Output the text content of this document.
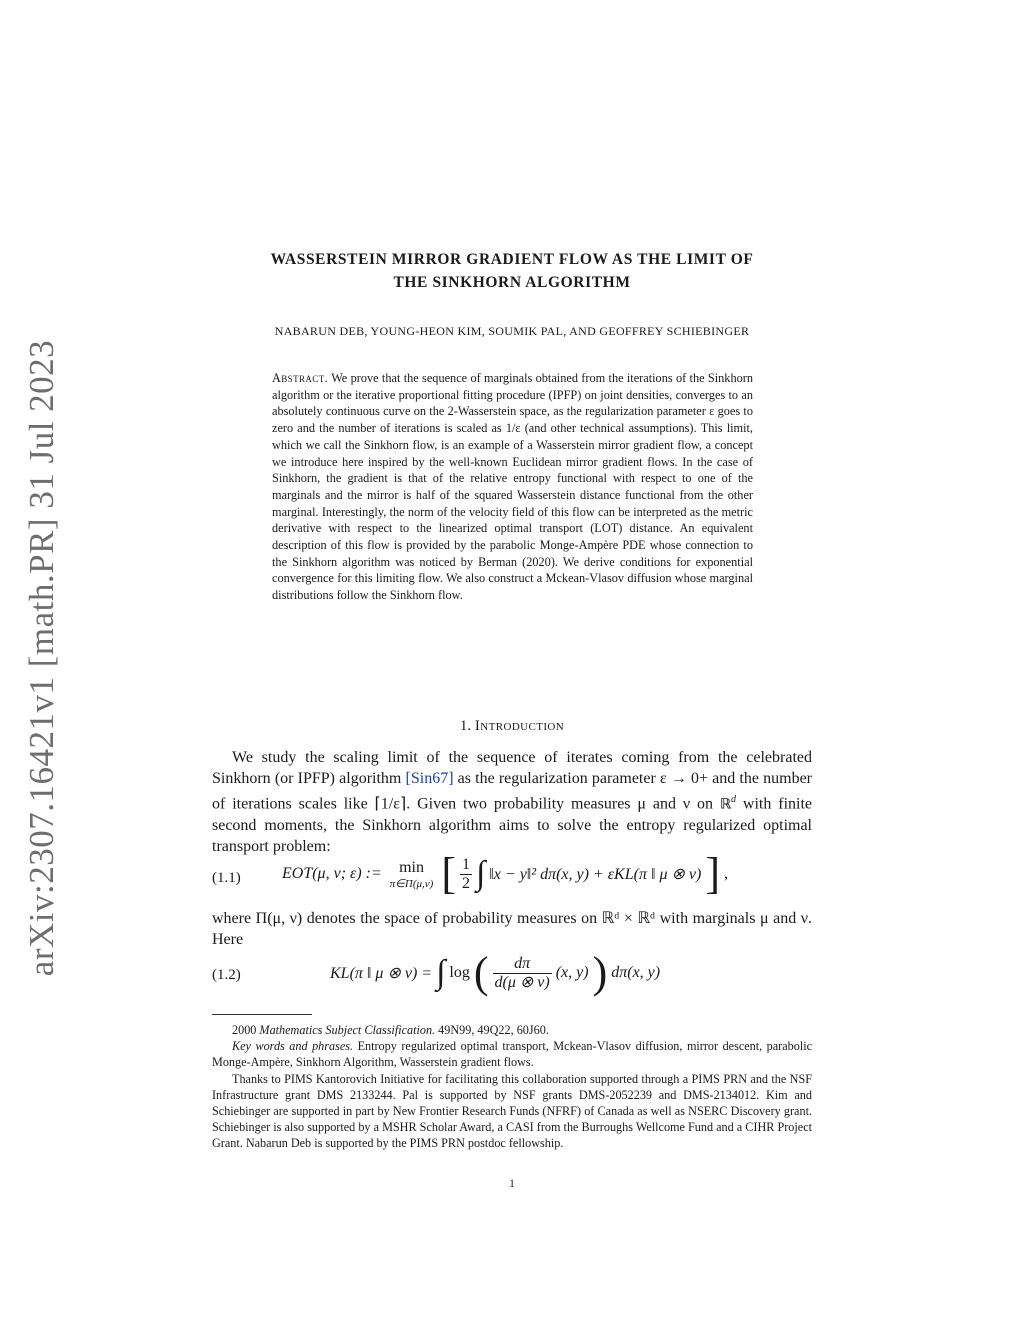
arXiv:2307.16421v1 [math.PR] 31 Jul 2023
WASSERSTEIN MIRROR GRADIENT FLOW AS THE LIMIT OF
THE SINKHORN ALGORITHM
NABARUN DEB, YOUNG-HEON KIM, SOUMIK PAL, AND GEOFFREY SCHIEBINGER
Abstract. We prove that the sequence of marginals obtained from the iterations of the Sinkhorn algorithm or the iterative proportional fitting procedure (IPFP) on joint densities, converges to an absolutely continuous curve on the 2-Wasserstein space, as the regularization parameter ε goes to zero and the number of iterations is scaled as 1/ε (and other technical assumptions). This limit, which we call the Sinkhorn flow, is an example of a Wasserstein mirror gradient flow, a concept we introduce here inspired by the well-known Euclidean mirror gradient flows. In the case of Sinkhorn, the gradient is that of the relative entropy functional with respect to one of the marginals and the mirror is half of the squared Wasserstein distance functional from the other marginal. Interestingly, the norm of the velocity field of this flow can be interpreted as the metric derivative with respect to the linearized optimal transport (LOT) distance. An equivalent description of this flow is provided by the parabolic Monge-Ampère PDE whose connection to the Sinkhorn algorithm was noticed by Berman (2020). We derive conditions for exponential convergence for this limiting flow. We also construct a Mckean-Vlasov diffusion whose marginal distributions follow the Sinkhorn flow.
1. Introduction
We study the scaling limit of the sequence of iterates coming from the celebrated Sinkhorn (or IPFP) algorithm [Sin67] as the regularization parameter ε → 0+ and the number of iterations scales like ⌈1/ε⌉. Given two probability measures μ and ν on ℝ$^d$ with finite second moments, the Sinkhorn algorithm aims to solve the entropy regularized optimal transport problem:
(1.1)	EOT(μ, ν; ε) :=	min
π∈Π(μ,ν) [ $\frac{1}{2}$ ∫ ‖x − y‖² dπ(x, y) + εKL(π ‖ μ ⊗ ν) ] ,
where Π(μ, ν) denotes the space of probability measures on ℝᵈ × ℝᵈ with marginals μ and ν. Here
(1.2)	KL(π ‖ μ ⊗ ν) = ∫ log ( $\frac{d\pi}{d(\mu \otimes \nu)} (x$, y) ) dπ(x, y)

2000 Mathematics Subject Classification. 49N99, 49Q22, 60J60.

Key words and phrases. Entropy regularized optimal transport, Mckean-Vlasov diffusion, mirror descent, parabolic Monge-Ampère, Sinkhorn Algorithm, Wasserstein gradient flows.

Thanks to PIMS Kantorovich Initiative for facilitating this collaboration supported through a PIMS PRN and the NSF Infrastructure grant DMS 2133244. Pal is supported by NSF grants DMS-2052239 and DMS-2134012. Kim and Schiebinger are supported in part by New Frontier Research Funds (NFRF) of Canada as well as NSERC Discovery grant. Schiebinger is also supported by a MSHR Scholar Award, a CASI from the Burroughs Wellcome Fund and a CIHR Project Grant. Nabarun Deb is supported by the PIMS PRN postdoc fellowship.

1
